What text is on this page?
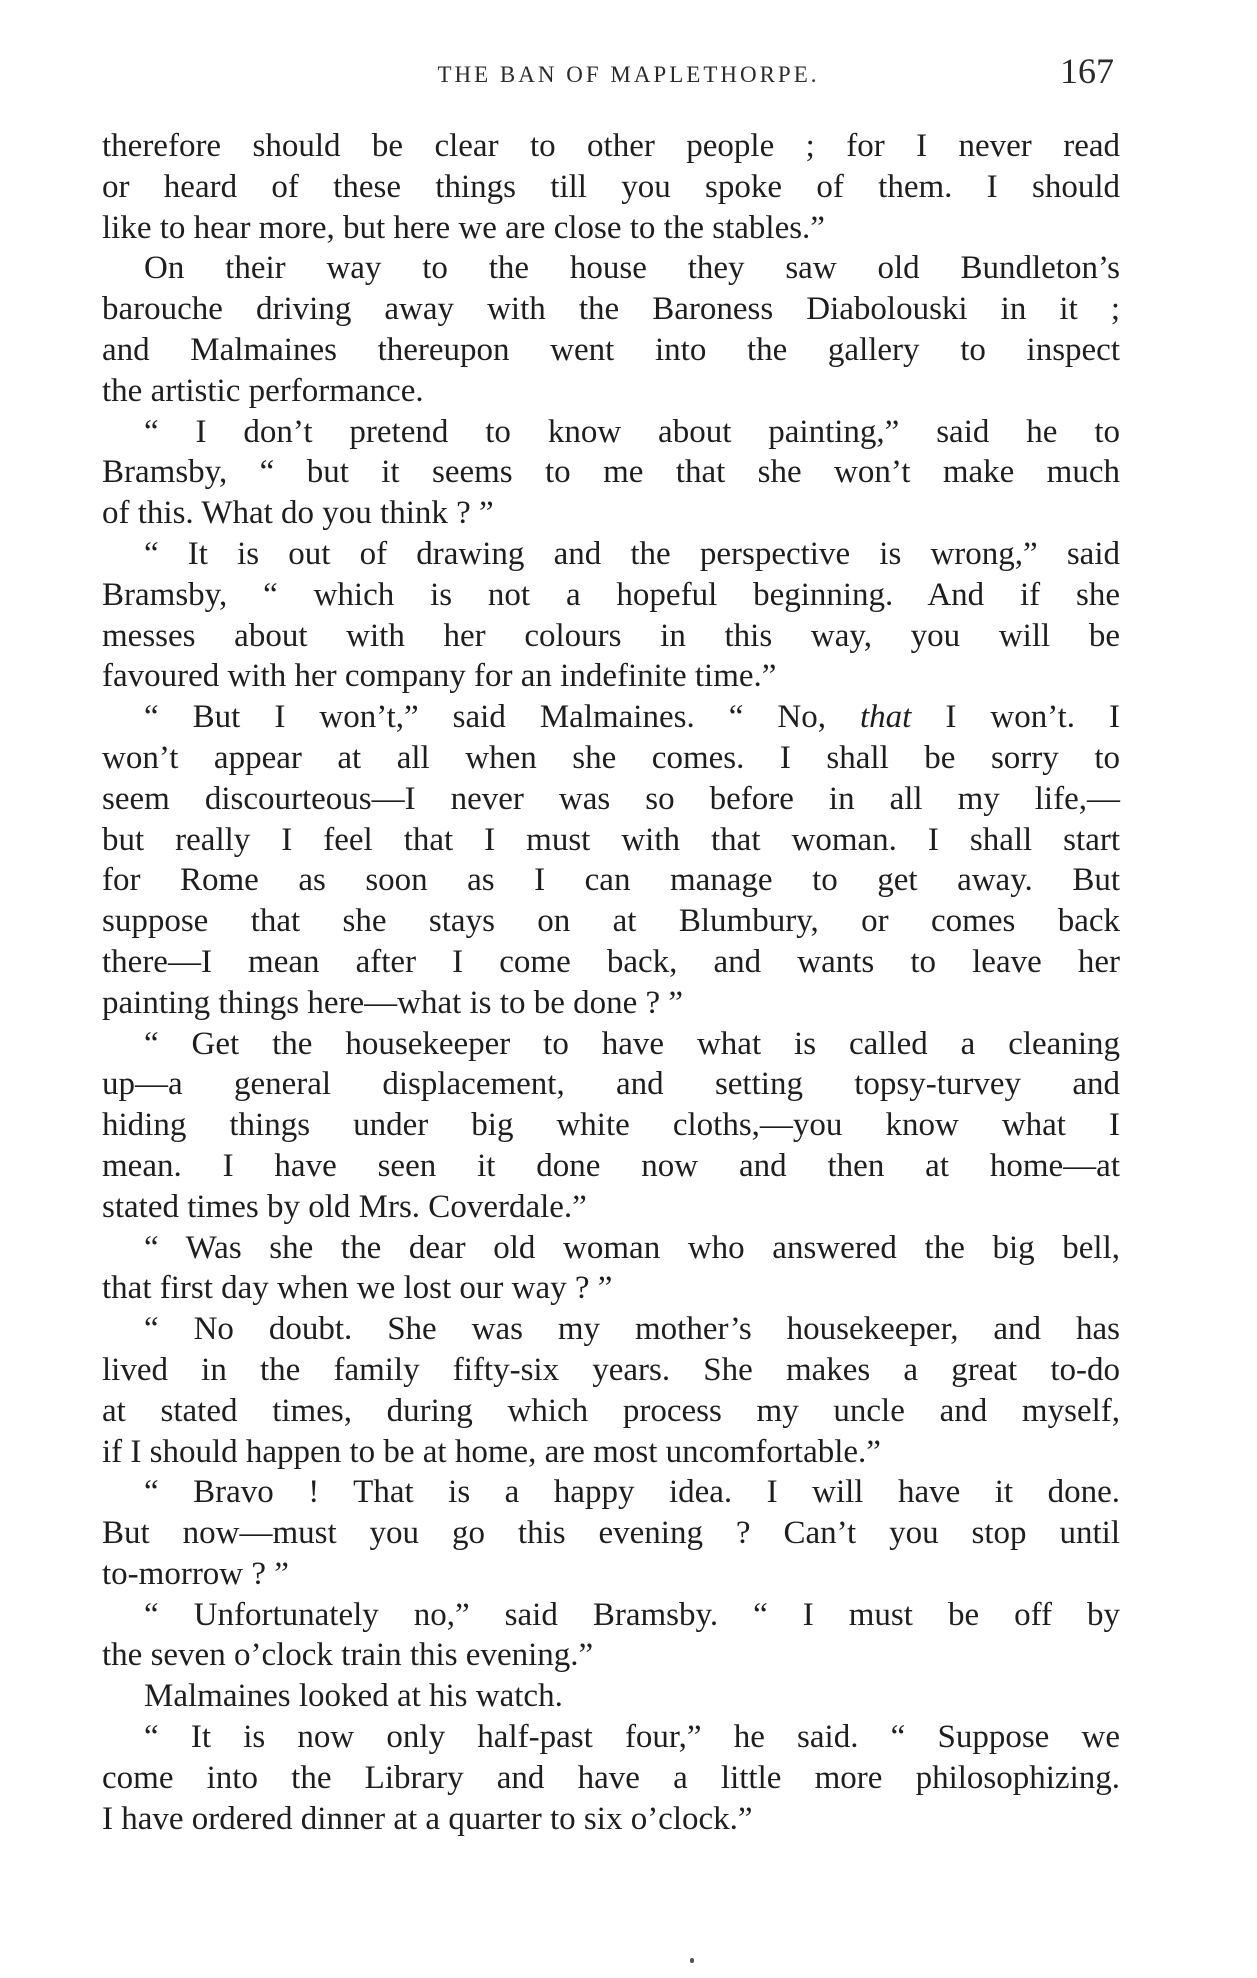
THE BAN OF MAPLETHORPE.	167
therefore should be clear to other people ; for I never read
or heard of these things till you spoke of them. I should
like to hear more, but here we are close to the stables.”
On their way to the house they saw old Bundleton’s
barouche driving away with the Baroness Diabolouski in it ;
and Malmaines thereupon went into the gallery to inspect
the artistic performance.
“ I don’t pretend to know about painting,” said he to
Bramsby, “ but it seems to me that she won’t make much
of this. What do you think ? ”
“ It is out of drawing and the perspective is wrong,” said
Bramsby, “ which is not a hopeful beginning. And if she
messes about with her colours in this way, you will be
favoured with her company for an indefinite time.”
“ But I won’t,” said Malmaines. “ No, that I won’t. I
won’t appear at all when she comes. I shall be sorry to
seem discourteous—I never was so before in all my life,—
but really I feel that I must with that woman. I shall start
for Rome as soon as I can manage to get away. But
suppose that she stays on at Blumbury, or comes back
there—I mean after I come back, and wants to leave her
painting things here—what is to be done ? ”
“ Get the housekeeper to have what is called a cleaning
up—a general displacement, and setting topsy-turvey and
hiding things under big white cloths,—you know what I
mean. I have seen it done now and then at home—at
stated times by old Mrs. Coverdale.”
“ Was she the dear old woman who answered the big bell,
that first day when we lost our way ? ”
“ No doubt. She was my mother’s housekeeper, and has
lived in the family fifty-six years. She makes a great to-do
at stated times, during which process my uncle and myself,
if I should happen to be at home, are most uncomfortable.”
“ Bravo ! That is a happy idea. I will have it done.
But now—must you go this evening ? Can’t you stop until
to-morrow ? ”
“ Unfortunately no,” said Bramsby. “ I must be off by
the seven o’clock train this evening.”
Malmaines looked at his watch.
“ It is now only half-past four,” he said. “ Suppose we
come into the Library and have a little more philosophizing.
I have ordered dinner at a quarter to six o’clock.”
